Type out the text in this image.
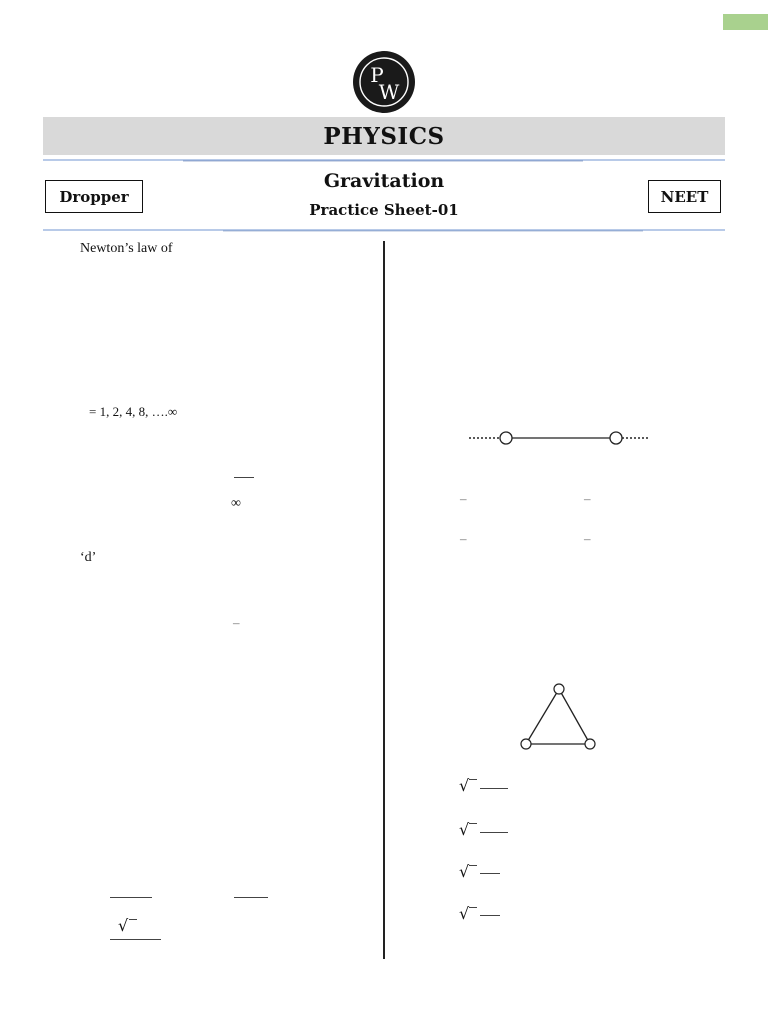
P
W
PHYSICS
Dropper	NEET
Gravitation
Practice Sheet-01
Newton’s law of
= 1, 2, 4, 8, ….∞
∞
‘d’
–
√
–	–
–	–
√
√
√
√
